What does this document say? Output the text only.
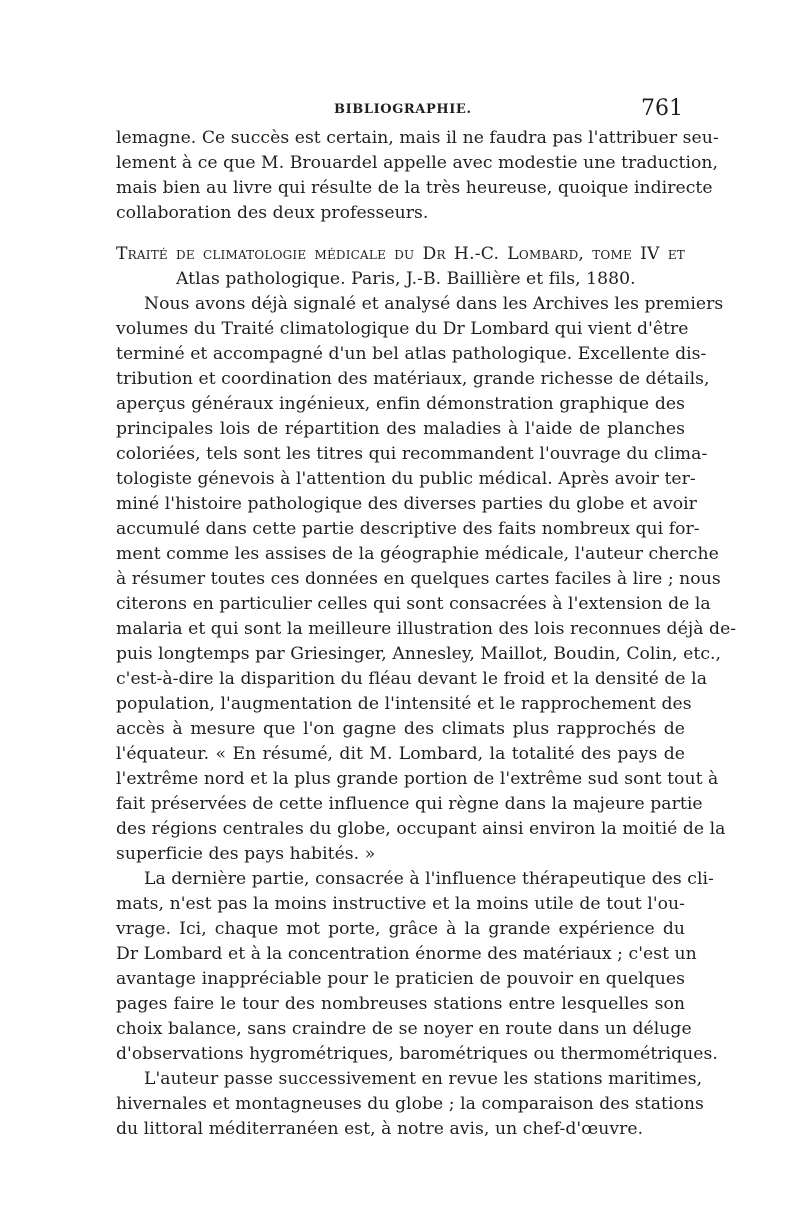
BIBLIOGRAPHIE.	761
lemagne. Ce succès est certain, mais il ne faudra pas l'attribuer seu-
lement à ce que M. Brouardel appelle avec modestie une traduction,
mais bien au livre qui résulte de la très heureuse, quoique indirecte
collaboration des deux professeurs.
Traité de climatologie médicale du Dr H.-C. Lombard, tome IV et
Atlas pathologique. Paris, J.-B. Baillière et fils, 1880.
Nous avons déjà signalé et analysé dans les Archives les premiers
volumes du Traité climatologique du Dr Lombard qui vient d'être
terminé et accompagné d'un bel atlas pathologique. Excellente dis-
tribution et coordination des matériaux, grande richesse de détails,
aperçus généraux ingénieux, enfin démonstration graphique des
principales lois de répartition des maladies à l'aide de planches
coloriées, tels sont les titres qui recommandent l'ouvrage du clima-
tologiste génevois à l'attention du public médical. Après avoir ter-
miné l'histoire pathologique des diverses parties du globe et avoir
accumulé dans cette partie descriptive des faits nombreux qui for-
ment comme les assises de la géographie médicale, l'auteur cherche
à résumer toutes ces données en quelques cartes faciles à lire ; nous
citerons en particulier celles qui sont consacrées à l'extension de la
malaria et qui sont la meilleure illustration des lois reconnues déjà de-
puis longtemps par Griesinger, Annesley, Maillot, Boudin, Colin, etc.,
c'est-à-dire la disparition du fléau devant le froid et la densité de la
population, l'augmentation de l'intensité et le rapprochement des
accès à mesure que l'on gagne des climats plus rapprochés de
l'équateur. « En résumé, dit M. Lombard, la totalité des pays de
l'extrême nord et la plus grande portion de l'extrême sud sont tout à
fait préservées de cette influence qui règne dans la majeure partie
des régions centrales du globe, occupant ainsi environ la moitié de la
superficie des pays habités. »
La dernière partie, consacrée à l'influence thérapeutique des cli-
mats, n'est pas la moins instructive et la moins utile de tout l'ou-
vrage. Ici, chaque mot porte, grâce à la grande expérience du
Dr Lombard et à la concentration énorme des matériaux ; c'est un
avantage inappréciable pour le praticien de pouvoir en quelques
pages faire le tour des nombreuses stations entre lesquelles son
choix balance, sans craindre de se noyer en route dans un déluge
d'observations hygrométriques, barométriques ou thermométriques.
L'auteur passe successivement en revue les stations maritimes,
hivernales et montagneuses du globe ; la comparaison des stations
du littoral méditerranéen est, à notre avis, un chef-d'œuvre.
